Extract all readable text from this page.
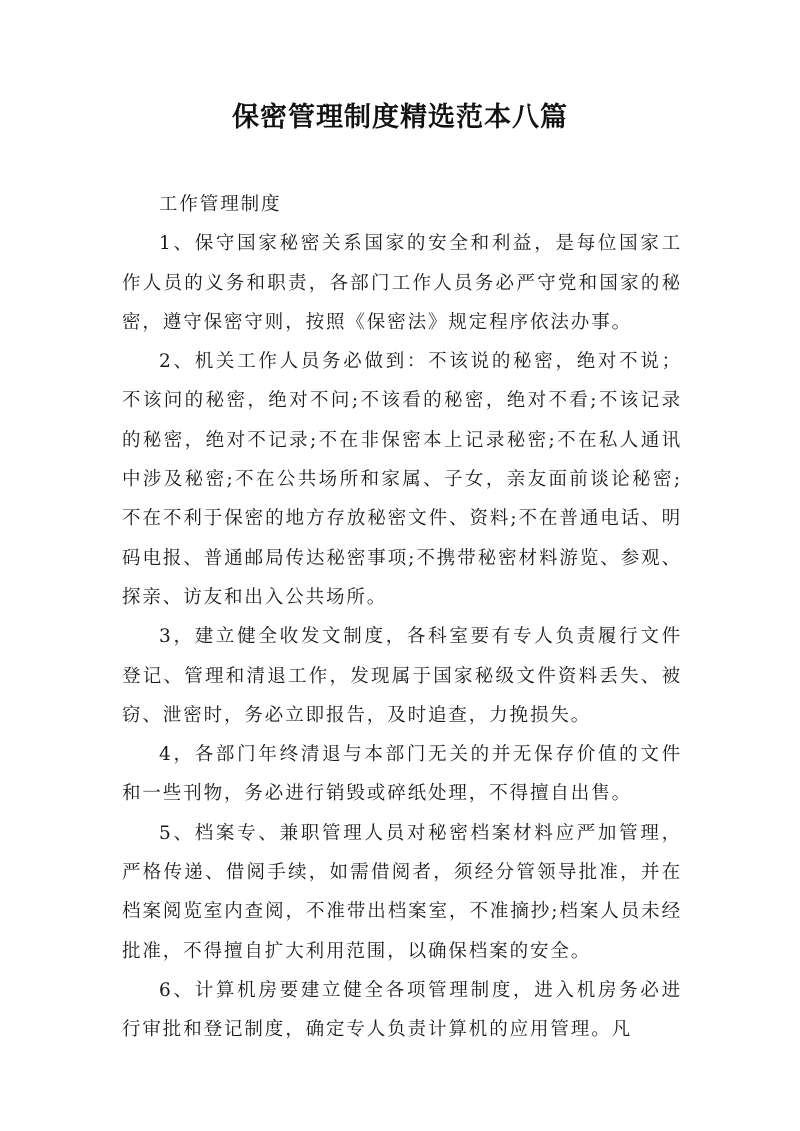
保密管理制度精选范本八篇

工作管理制度

1、保守国家秘密关系国家的安全和利益，是每位国家工作人员的义务和职责，各部门工作人员务必严守党和国家的秘密，遵守保密守则，按照《保密法》规定程序依法办事。

2、机关工作人员务必做到：不该说的秘密，绝对不说；不该问的秘密，绝对不问;不该看的秘密，绝对不看;不该记录的秘密，绝对不记录;不在非保密本上记录秘密;不在私人通讯中涉及秘密;不在公共场所和家属、子女，亲友面前谈论秘密;不在不利于保密的地方存放秘密文件、资料;不在普通电话、明码电报、普通邮局传达秘密事项;不携带秘密材料游览、参观、探亲、访友和出入公共场所。

3，建立健全收发文制度，各科室要有专人负责履行文件登记、管理和清退工作，发现属于国家秘级文件资料丢失、被窃、泄密时，务必立即报告，及时追查，力挽损失。

4，各部门年终清退与本部门无关的并无保存价值的文件和一些刊物，务必进行销毁或碎纸处理，不得擅自出售。

5、档案专、兼职管理人员对秘密档案材料应严加管理，严格传递、借阅手续，如需借阅者，须经分管领导批准，并在档案阅览室内查阅，不准带出档案室，不准摘抄;档案人员未经批准，不得擅自扩大利用范围，以确保档案的安全。

6、计算机房要建立健全各项管理制度，进入机房务必进行审批和登记制度，确定专人负责计算机的应用管理。凡
